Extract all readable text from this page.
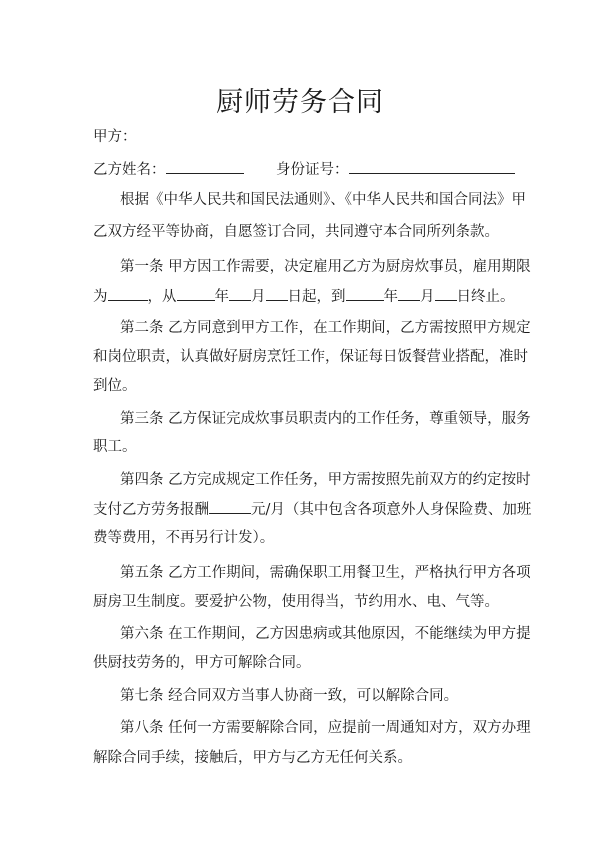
厨师劳务合同
甲方：
乙方姓名：	身份证号：
根据《中华人民共和国民法通则》、《中华人民共和国合同法》甲
乙双方经平等协商，自愿签订合同，共同遵守本合同所列条款。
第一条 甲方因工作需要，决定雇用乙方为厨房炊事员，雇用期限
为	，从	年 月 日起，到	年 月 日终止。
第二条 乙方同意到甲方工作，在工作期间，乙方需按照甲方规定
和岗位职责，认真做好厨房烹饪工作，保证每日饭餐营业搭配，准时
到位。
第三条 乙方保证完成炊事员职责内的工作任务，尊重领导，服务
职工。
第四条 乙方完成规定工作任务，甲方需按照先前双方的约定按时
支付乙方劳务报酬	元/月（其中包含各项意外人身保险费、加班
费等费用，不再另行计发）。
第五条 乙方工作期间，需确保职工用餐卫生，严格执行甲方各项
厨房卫生制度。要爱护公物，使用得当，节约用水、电、气等。
第六条 在工作期间，乙方因患病或其他原因，不能继续为甲方提
供厨技劳务的，甲方可解除合同。
第七条 经合同双方当事人协商一致，可以解除合同。
第八条 任何一方需要解除合同，应提前一周通知对方，双方办理
解除合同手续，接触后，甲方与乙方无任何关系。
